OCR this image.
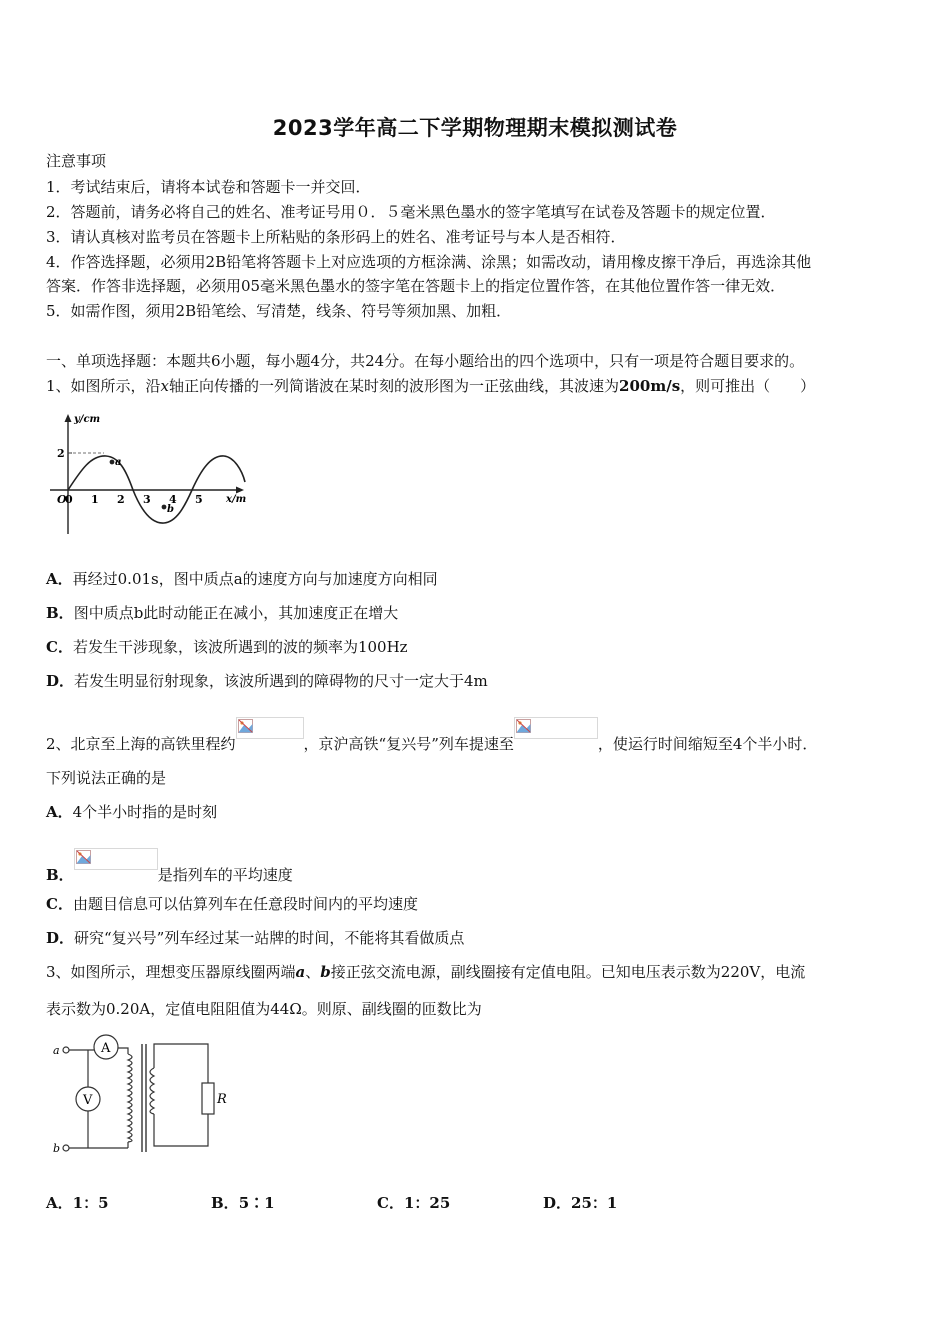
2023学年高二下学期物理期末模拟测试卷
注意事项
1．考试结束后，请将本试卷和答题卡一并交回．
2．答题前，请务必将自己的姓名、准考证号用０．５毫米黑色墨水的签字笔填写在试卷及答题卡的规定位置．
3．请认真核对监考员在答题卡上所粘贴的条形码上的姓名、准考证号与本人是否相符．
4．作答选择题，必须用2B铅笔将答题卡上对应选项的方框涂满、涂黑；如需改动，请用橡皮擦干净后，再选涂其他
答案．作答非选择题，必须用05毫米黑色墨水的签字笔在答题卡上的指定位置作答，在其他位置作答一律无效．
5．如需作图，须用2B铅笔绘、写清楚，线条、符号等须加黑、加粗．
一、单项选择题：本题共6小题，每小题4分，共24分。在每小题给出的四个选项中，只有一项是符合题目要求的。
1、如图所示，沿x轴正向传播的一列简谐波在某时刻的波形图为一正弦曲线，其波速为200m/s，则可推出（　　）
y/cm
x/m
2
O
0 1 2 3 4 5
a
b
A．再经过0.01s，图中质点a的速度方向与加速度方向相同
B．图中质点b此时动能正在减小，其加速度正在增大
C．若发生干涉现象，该波所遇到的波的频率为100Hz
D．若发生明显衍射现象，该波所遇到的障碍物的尺寸一定大于4m
2、北京至上海的高铁里程约	，京沪高铁“复兴号”列车提速至	，使运行时间缩短至4个半小时．
下列说法正确的是
A．4个半小时指的是时刻
B．	是指列车的平均速度
C．由题目信息可以估算列车在任意段时间内的平均速度
D．研究“复兴号”列车经过某一站牌的时间，不能将其看做质点
3、如图所示，理想变压器原线圈两端a、b接正弦交流电源，副线圈接有定值电阻。已知电压表示数为220V，电流
表示数为0.20A，定值电阻阻值为44Ω。则原、副线圈的匝数比为
a
b
A
V	R
A．1：5	B．5∶1	C．1：25	D．25：1
